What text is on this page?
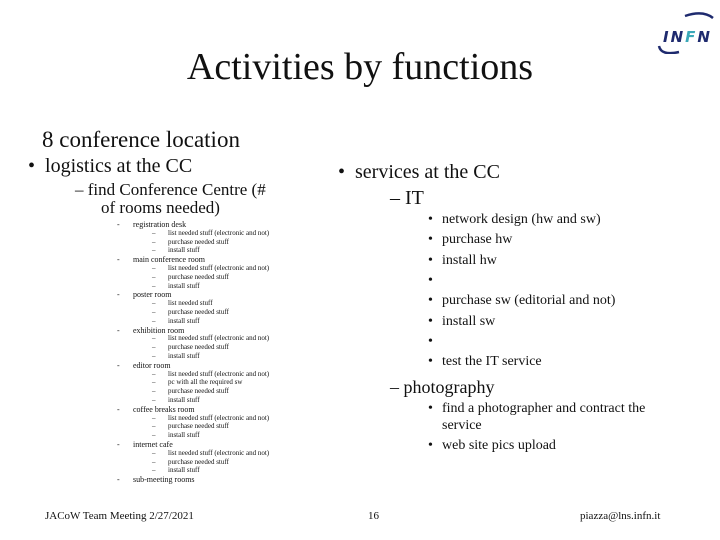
Activities by functions
INFN
8 conference location
•  logistics at the CC
– find Conference Centre (#
of rooms needed)
- registration desk
– list needed stuff (electronic and not)
– purchase needed stuff
– install stuff
- main conference room
– list needed stuff (electronic and not)
– purchase needed stuff
– install stuff
- poster room
– list needed stuff
– purchase needed stuff
– install stuff
- exhibition room
– list needed stuff (electronic and not)
– purchase needed stuff
– install stuff
- editor room
– list needed stuff (electronic and not)
– pc with all the required sw
– purchase needed stuff
– install stuff
- coffee breaks room
– list needed stuff (electronic and not)
– purchase needed stuff
– install stuff
- internet cafe
– list needed stuff (electronic and not)
– purchase needed stuff
– install stuff
- sub-meeting rooms
•  services at the CC
– IT
• network design (hw and sw)
• purchase hw
• install hw
•
• purchase sw (editorial and not)
• install sw
•
• test the IT service
– photography
• find a photographer and contract the
service
• web site pics upload
JACoW Team Meeting 2/27/2021	16	piazza@lns.infn.it
